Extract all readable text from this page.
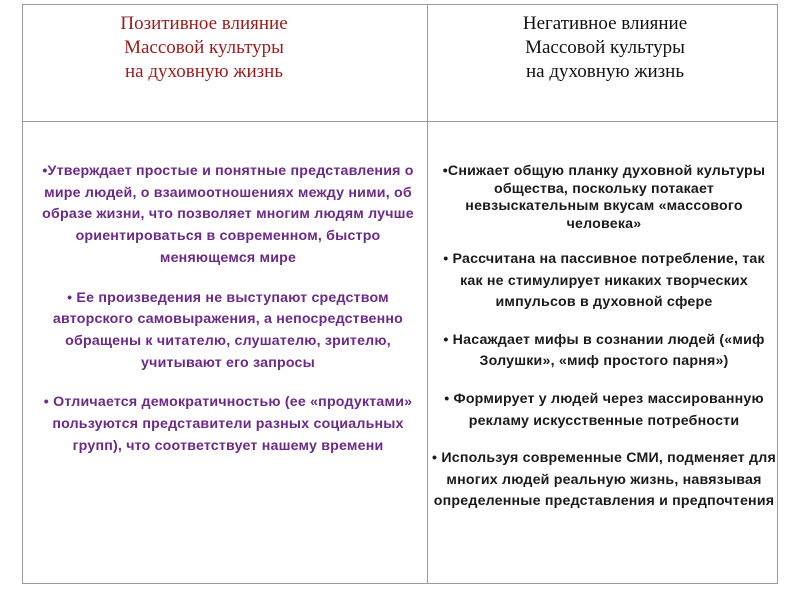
Позитивное влияние
Массовой культуры
на духовную жизнь
Негативное влияние
Массовой культуры
на духовную жизнь

•Утверждает простые и понятные представления о мире людей, о взаимоотношениях между ними, об образе жизни, что позволяет многим людям лучше ориентироваться в современном, быстро меняющемся мире

• Ее произведения не выступают средством авторского самовыражения, а непосредственно обращены к читателю, слушателю, зрителю, учитывают его запросы

• Отличается демократичностью (ее «продуктами» пользуются представители разных социальных групп), что соответствует нашему времени

•Снижает общую планку духовной культуры общества, поскольку потакает невзыскательным вкусам «массового человека»

• Рассчитана на пассивное потребление, так как не стимулирует никаких творческих импульсов в духовной сфере

• Насаждает мифы в сознании людей («миф Золушки», «миф простого парня»)

• Формирует у людей через массированную рекламу искусственные потребности

• Используя современные СМИ, подменяет для многих людей реальную жизнь, навязывая определенные представления и предпочтения
